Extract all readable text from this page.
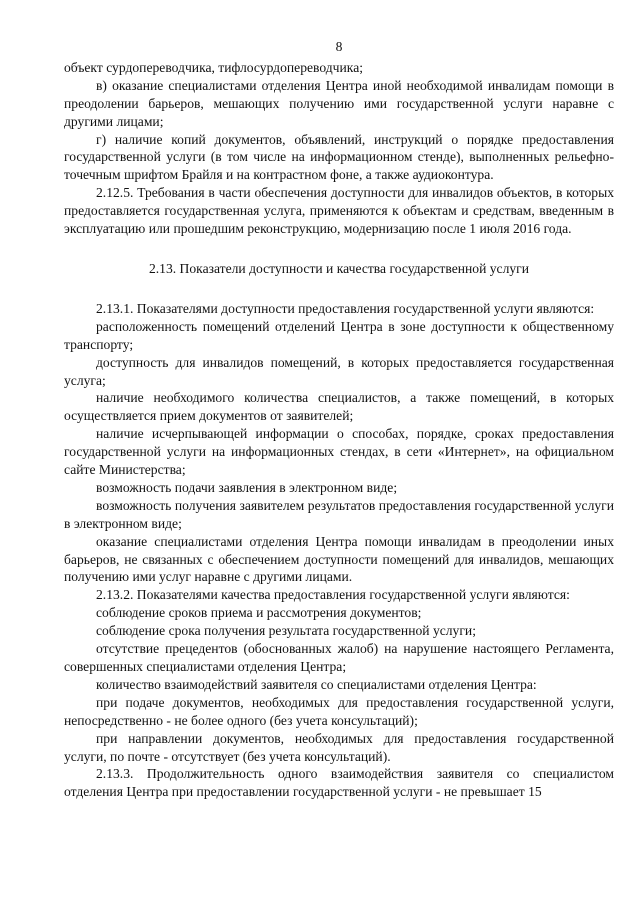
8

объект сурдопереводчика, тифлосурдопереводчика;

в) оказание специалистами отделения Центра иной необходимой инвалидам помощи в преодолении барьеров, мешающих получению ими государственной услуги наравне с другими лицами;

г) наличие копий документов, объявлений, инструкций о порядке предоставления государственной услуги (в том числе на информационном стенде), выполненных рельефно-точечным шрифтом Брайля и на контрастном фоне, а также аудиоконтура.

2.12.5. Требования в части обеспечения доступности для инвалидов объектов, в которых предоставляется государственная услуга, применяются к объектам и средствам, введенным в эксплуатацию или прошедшим реконструкцию, модернизацию после 1 июля 2016 года.

2.13. Показатели доступности и качества государственной услуги

2.13.1. Показателями доступности предоставления государственной услуги являются:

расположенность помещений отделений Центра в зоне доступности к общественному транспорту;

доступность для инвалидов помещений, в которых предоставляется государственная услуга;

наличие необходимого количества специалистов, а также помещений, в которых осуществляется прием документов от заявителей;

наличие исчерпывающей информации о способах, порядке, сроках предоставления государственной услуги на информационных стендах, в сети «Интернет», на официальном сайте Министерства;

возможность подачи заявления в электронном виде;

возможность получения заявителем результатов предоставления государственной услуги в электронном виде;

оказание специалистами отделения Центра помощи инвалидам в преодолении иных барьеров, не связанных с обеспечением доступности помещений для инвалидов, мешающих получению ими услуг наравне с другими лицами.

2.13.2. Показателями качества предоставления государственной услуги являются:

соблюдение сроков приема и рассмотрения документов;

соблюдение срока получения результата государственной услуги;

отсутствие прецедентов (обоснованных жалоб) на нарушение настоящего Регламента, совершенных специалистами отделения Центра;

количество взаимодействий заявителя со специалистами отделения Центра:

при подаче документов, необходимых для предоставления государственной услуги, непосредственно - не более одного (без учета консультаций);

при направлении документов, необходимых для предоставления государственной услуги, по почте - отсутствует (без учета консультаций).

2.13.3. Продолжительность одного взаимодействия заявителя со специалистом отделения Центра при предоставлении государственной услуги - не превышает 15
